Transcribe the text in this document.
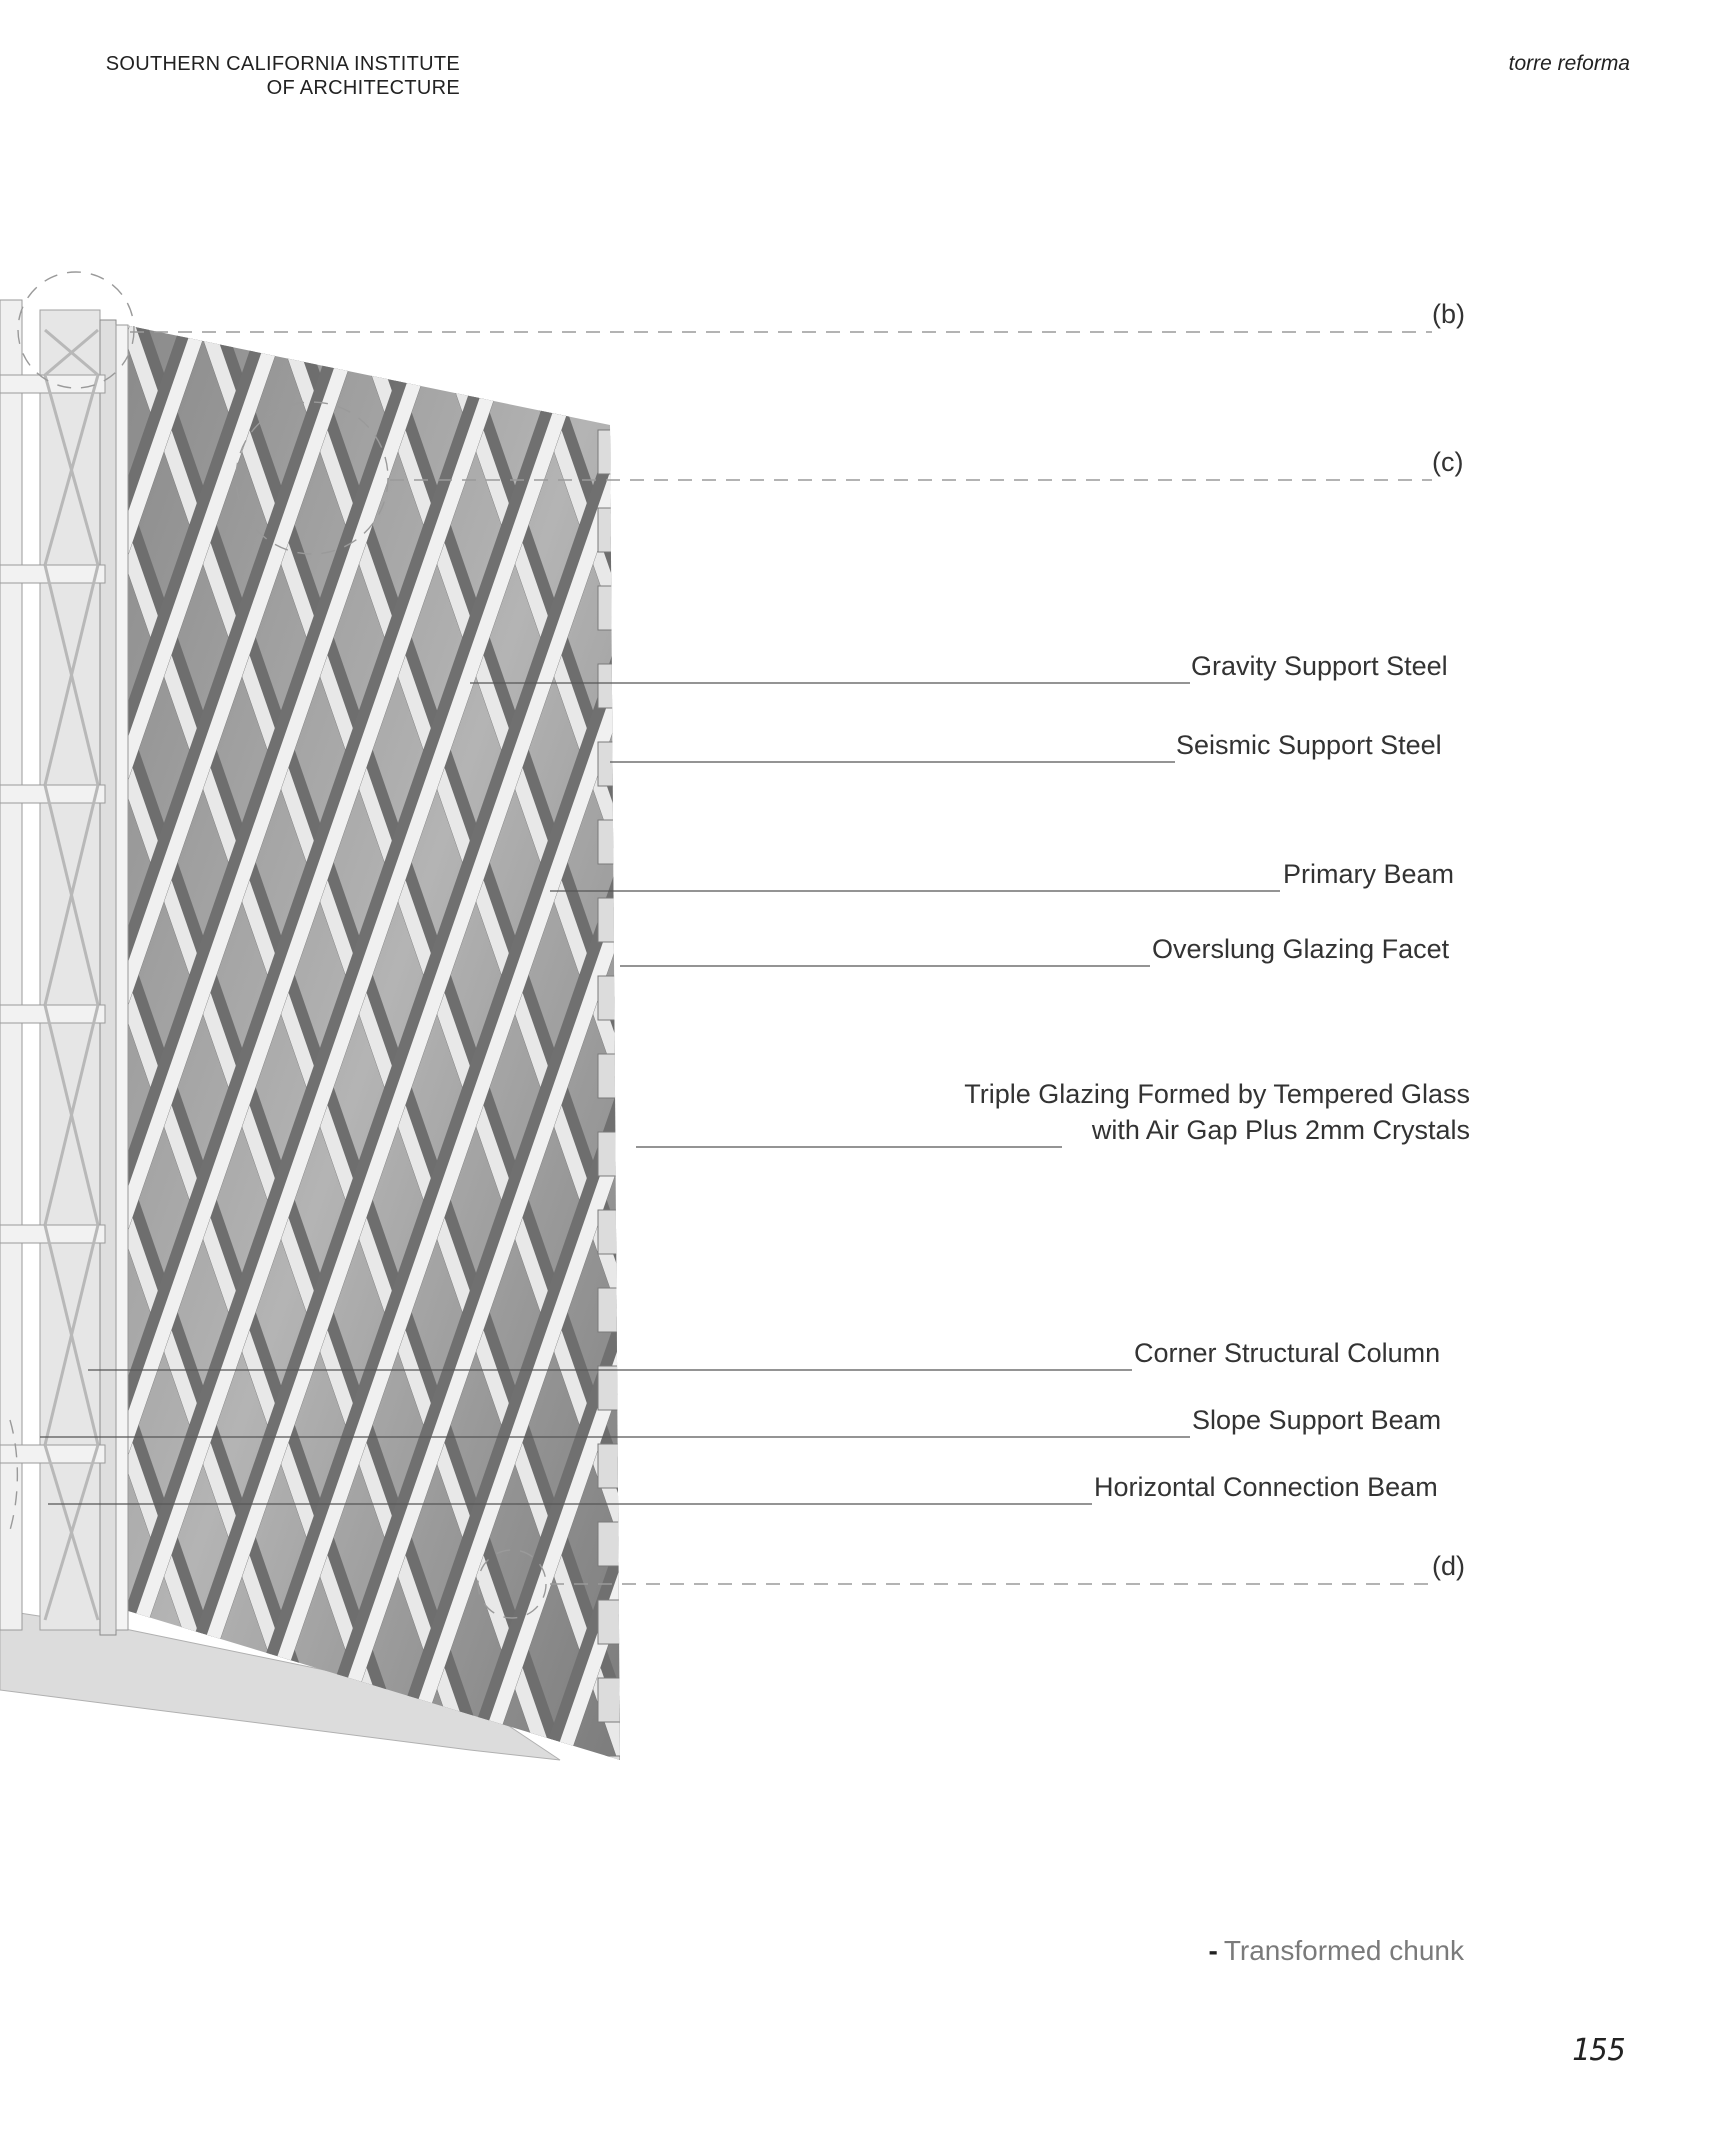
SOUTHERN CALIFORNIA INSTITUTE
OF ARCHITECTURE
torre reforma
(b)
(c)
Gravity Support Steel
Seismic Support Steel
Primary Beam
Overslung Glazing Facet
Triple Glazing Formed by Tempered Glass
with Air Gap Plus 2mm Crystals
Corner Structural Column
Slope Support Beam
Horizontal Connection Beam
(d)
- Transformed chunk
155
